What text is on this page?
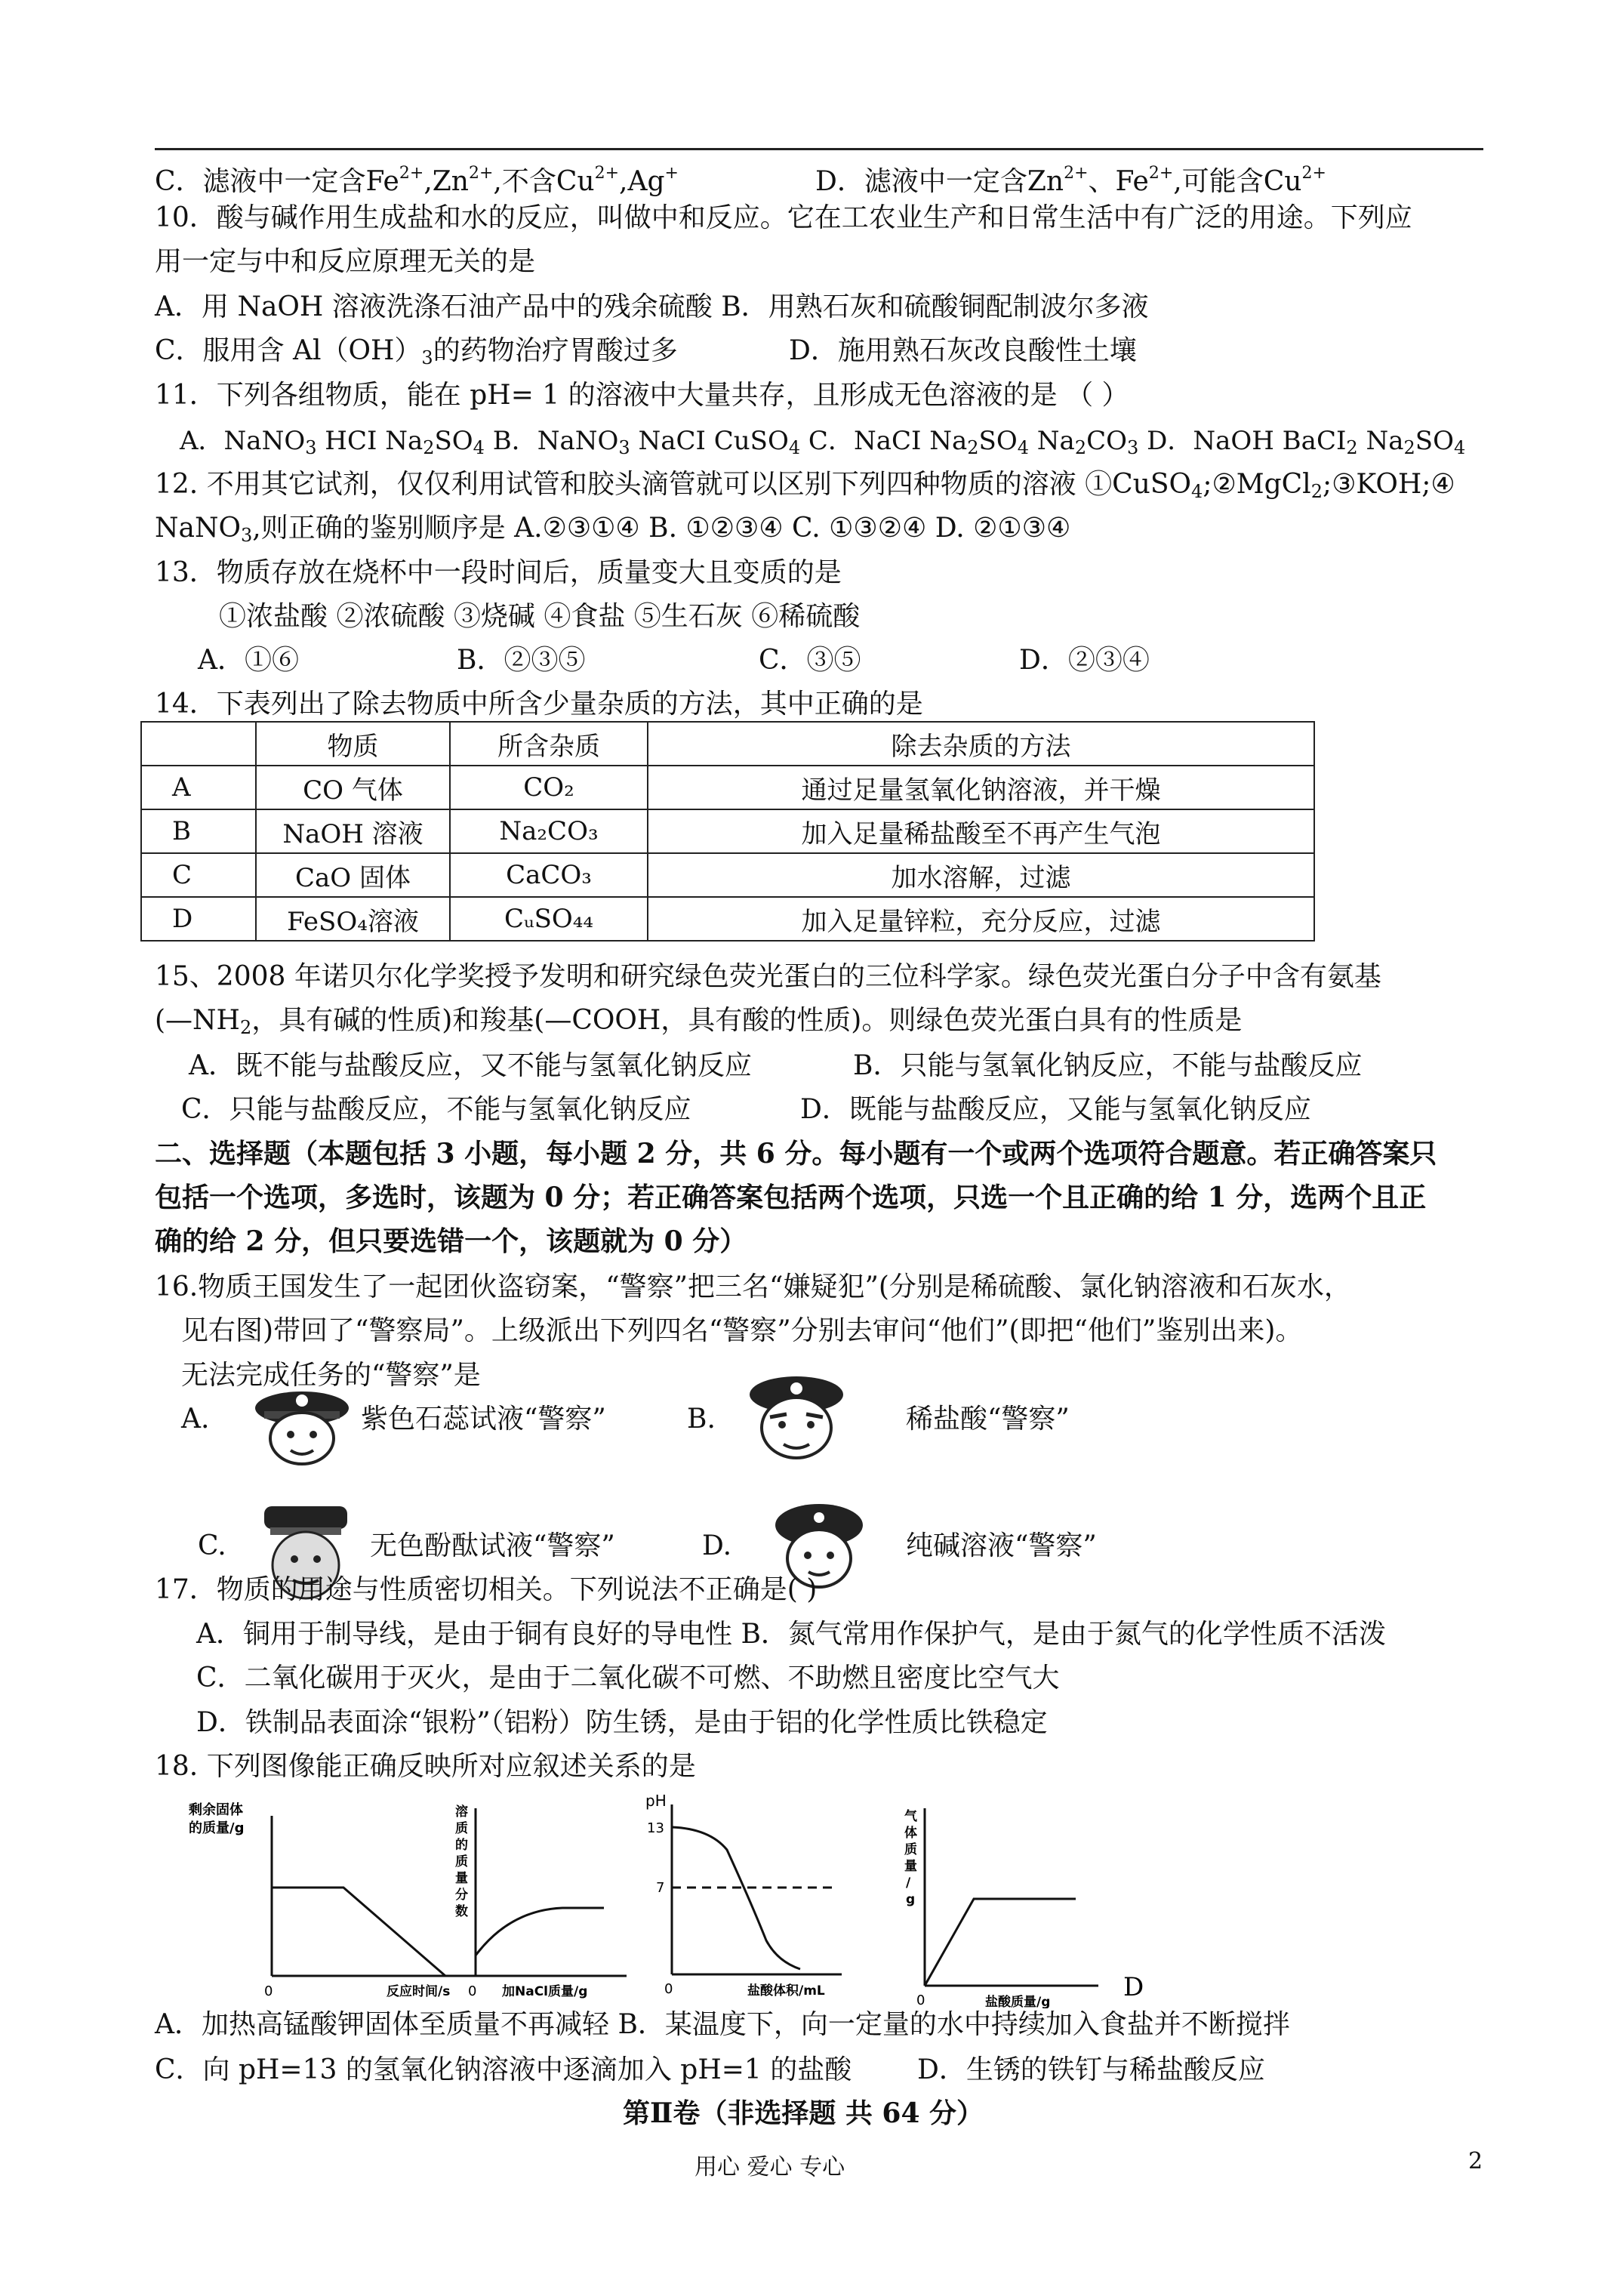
C．滤液中一定含$Fe^{2+},Zn^{2+}$,不含$Cu^{2+},Ag^+$	D．滤液中一定含$Zn^{2+}$、$Fe^{2+}$,可能含$Cu^{2+}$
10．酸与碱作用生成盐和水的反应，叫做中和反应。它在工农业生产和日常生活中有广泛的用途。下列应
用一定与中和反应原理无关的是
A．用 NaOH 溶液洗涤石油产品中的残余硫酸 B．用熟石灰和硫酸铜配制波尔多液
C．服用含 $Al(OH)_3$的药物治疗胃酸过多	D．施用熟石灰改良酸性土壤
11．下列各组物质，能在 pH= 1 的溶液中大量共存，且形成无色溶液的是 （ ）
A．NaNO$_3$ HCI $Na_2SO_4$ B．NaNO$_3$ NaCI CuSO$_4$ C．NaCI $Na_2SO_4$ $Na_2CO_3$ D．NaOH BaCI$_2$ $Na_2SO_4$
12. 不用其它试剂，仅仅利用试管和胶头滴管就可以区别下列四种物质的溶液 ①CuSO$_4$;②MgCl$_2$;③KOH;④
NaNO$_3$,则正确的鉴别顺序是 A.②③①④ B. ①②③④ C. ①③②④ D. ②①③④
13．物质存放在烧杯中一段时间后，质量变大且变质的是
①浓盐酸 ②浓硫酸 ③烧碱 ④食盐 ⑤生石灰 ⑥稀硫酸
A．①⑥	B．②③⑤	C．③⑤	D．②③④
14．下表列出了除去物质中所含少量杂质的方法，其中正确的是
	物质	所含杂质	除去杂质的方法
A	CO 气体	CO₂	通过足量氢氧化钠溶液，并干燥
B	NaOH 溶液	Na₂CO₃	加入足量稀盐酸至不再产生气泡
C	CaO 固体	CaCO₃	加水溶解，过滤
D	FeSO₄溶液	CᵤSO₄₄	加入足量锌粒，充分反应，过滤
15、2008 年诺贝尔化学奖授予发明和研究绿色荧光蛋白的三位科学家。绿色荧光蛋白分子中含有氨基
($—NH_2$，具有碱的性质)和羧基(—COOH，具有酸的性质)。则绿色荧光蛋白具有的性质是
A．既不能与盐酸反应，又不能与氢氧化钠反应	B．只能与氢氧化钠反应，不能与盐酸反应
C．只能与盐酸反应，不能与氢氧化钠反应	D．既能与盐酸反应，又能与氢氧化钠反应
二、选择题（本题包括 3 小题，每小题 2 分，共 6 分。每小题有一个或两个选项符合题意。若正确答案只
包括一个选项，多选时，该题为 0 分；若正确答案包括两个选项，只选一个且正确的给 1 分，选两个且正
确的给 2 分，但只要选错一个，该题就为 0 分）
16.物质王国发生了一起团伙盗窃案，“警察”把三名“嫌疑犯”(分别是稀硫酸、氯化钠溶液和石灰水，
见右图)带回了“警察局”。上级派出下列四名“警察”分别去审问“他们”(即把“他们”鉴别出来)。
无法完成任务的“警察”是
A.	紫色石蕊试液“警察”	B.	稀盐酸“警察”
C.	无色酚酞试液“警察”	D.	纯碱溶液“警察”
17．物质的用途与性质密切相关。下列说法不正确是( )
A．铜用于制导线，是由于铜有良好的导电性 B．氮气常用作保护气，是由于氮气的化学性质不活泼
C．二氧化碳用于灭火，是由于二氧化碳不可燃、不助燃且密度比空气大
D．铁制品表面涂“银粉”（铝粉）防生锈，是由于铝的化学性质比铁稳定
18. 下列图像能正确反映所对应叙述关系的是
剩余固体
的质量/g
0	反应时间/s
溶
质
的
质
量
分
数
0 加NaCl质量/g
pH
13
7
0	盐酸体积/mL
气
体
质
量
/
g
0	盐酸质量/g	D
A．加热高锰酸钾固体至质量不再减轻 B．某温度下，向一定量的水中持续加入食盐并不断搅拌
C．向 pH=13 的氢氧化钠溶液中逐滴加入 pH=1 的盐酸 D．生锈的铁钉与稀盐酸反应
第Ⅱ卷（非选择题 共 64 分）
用心 爱心 专心	2
